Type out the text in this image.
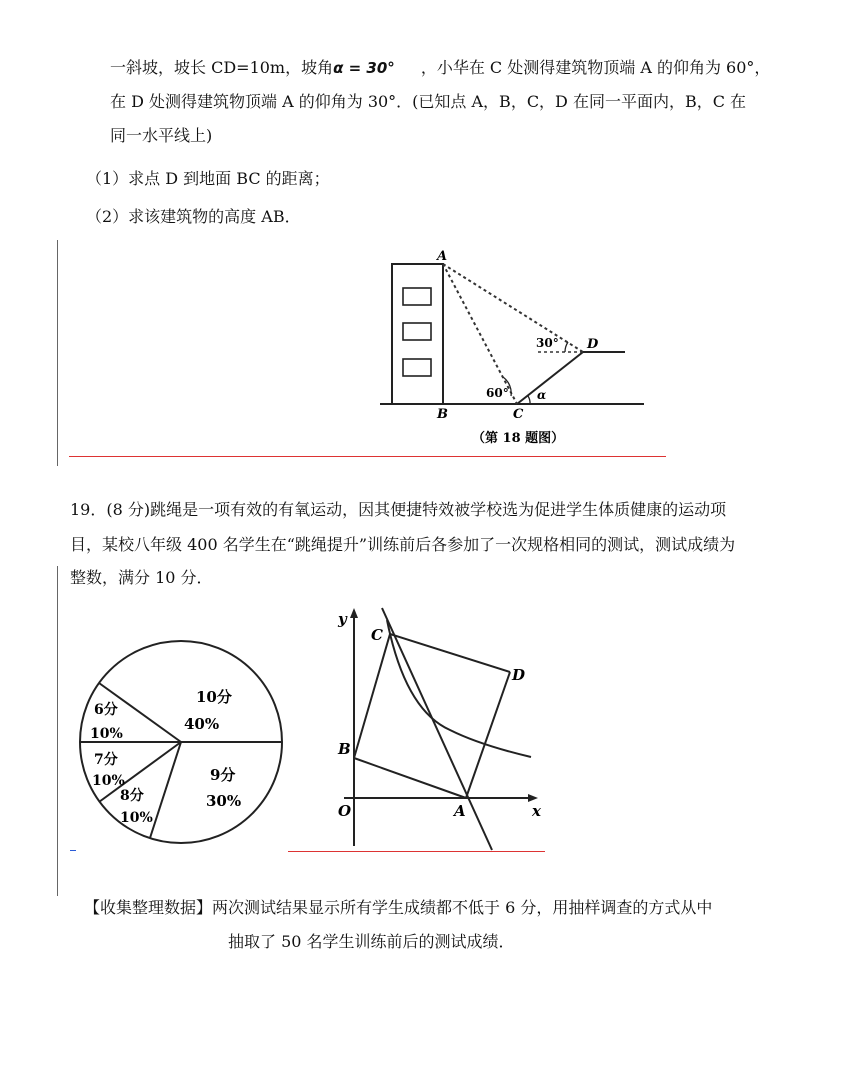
一斜坡，坡长 CD=10m，坡角α = 30° ，小华在 C 处测得建筑物顶端 A 的仰角为 60°，
在 D 处测得建筑物顶端 A 的仰角为 30°．(已知点 A，B，C，D 在同一平面内，B，C 在
同一水平线上)
（1）求点 D 到地面 BC 的距离；
（2）求该建筑物的高度 AB．
A
B	C
D
30°
60° α
（第 18 题图）
19．(8 分)跳绳是一项有效的有氧运动，因其便捷特效被学校选为促进学生体质健康的运动项
目，某校八年级 400 名学生在“跳绳提升”训练前后各参加了一次规格相同的测试，测试成绩为
整数，满分 10 分．
10分
40%
6分
10%
7分
10%
8分
10%
9分
30%
y
x
O	A
B
C
D
【收集整理数据】两次测试结果显示所有学生成绩都不低于 6 分，用抽样调查的方式从中
抽取了 50 名学生训练前后的测试成绩．
